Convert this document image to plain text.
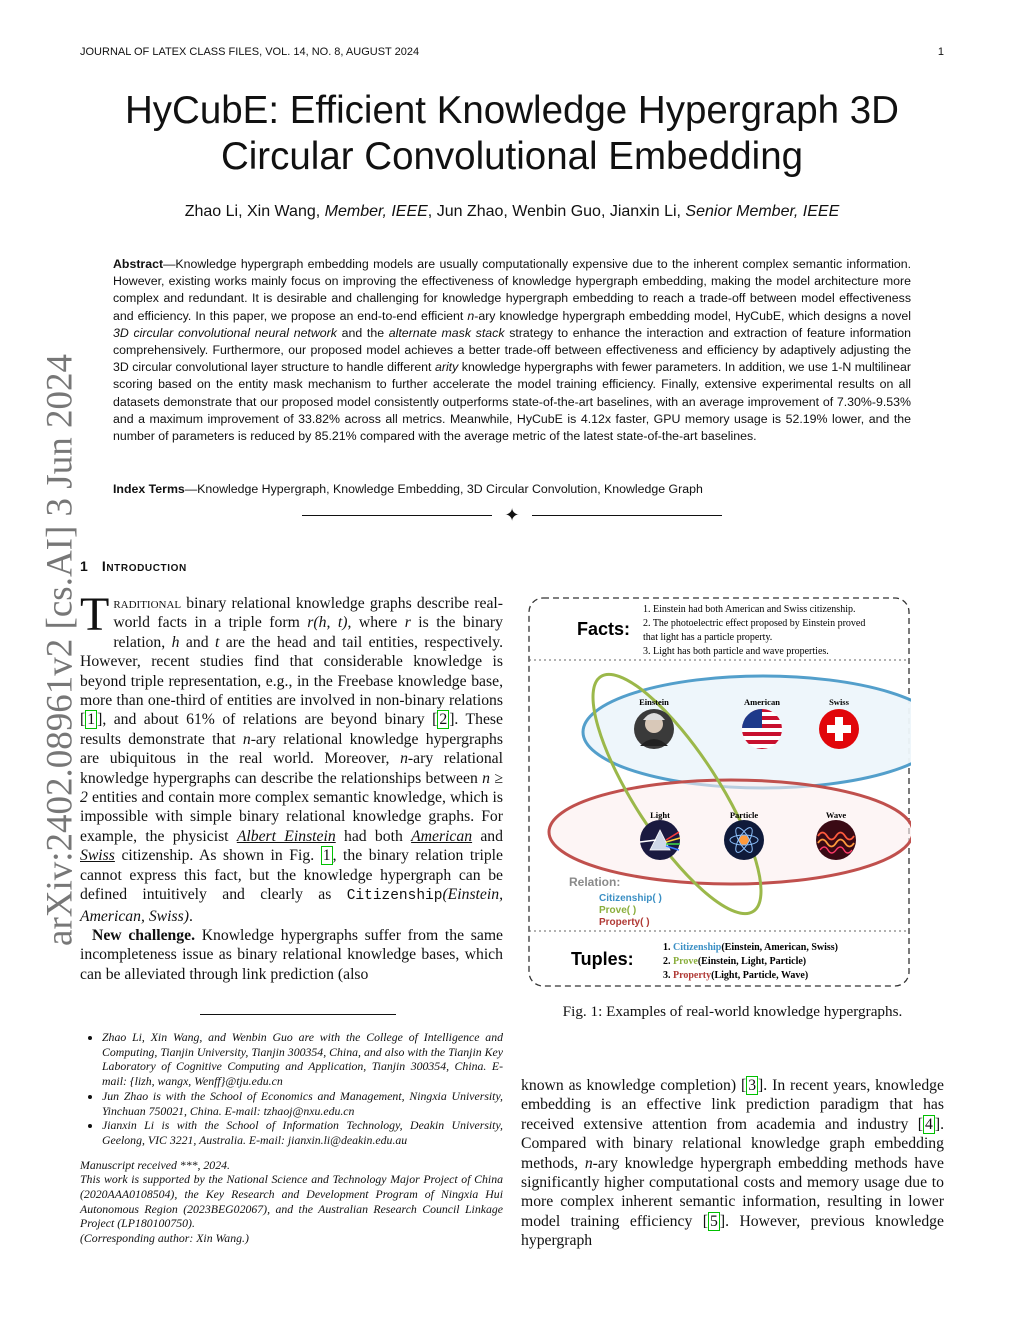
JOURNAL OF LATEX CLASS FILES, VOL. 14, NO. 8, AUGUST 2024	1
HyCubE: Efficient Knowledge Hypergraph 3D
Circular Convolutional Embedding
Zhao Li, Xin Wang, Member, IEEE, Jun Zhao, Wenbin Guo, Jianxin Li, Senior Member, IEEE
Abstract—Knowledge hypergraph embedding models are usually computationally expensive due to the inherent complex semantic information. However, existing works mainly focus on improving the effectiveness of knowledge hypergraph embedding, making the model architecture more complex and redundant. It is desirable and challenging for knowledge hypergraph embedding to reach a trade-off between model effectiveness and efficiency. In this paper, we propose an end-to-end efficient n-ary knowledge hypergraph embedding model, HyCubE, which designs a novel 3D circular convolutional neural network and the alternate mask stack strategy to enhance the interaction and extraction of feature information comprehensively. Furthermore, our proposed model achieves a better trade-off between effectiveness and efficiency by adaptively adjusting the 3D circular convolutional layer structure to handle different arity knowledge hypergraphs with fewer parameters. In addition, we use 1-N multilinear scoring based on the entity mask mechanism to further accelerate the model training efficiency. Finally, extensive experimental results on all datasets demonstrate that our proposed model consistently outperforms state-of-the-art baselines, with an average improvement of 7.30%-9.53% and a maximum improvement of 33.82% across all metrics. Meanwhile, HyCubE is 4.12x faster, GPU memory usage is 52.19% lower, and the number of parameters is reduced by 85.21% compared with the average metric of the latest state-of-the-art baselines.
Index Terms—Knowledge Hypergraph, Knowledge Embedding, 3D Circular Convolution, Knowledge Graph
✦
1 Introduction
arXiv:2402.08961v2 [cs.AI] 3 Jun 2024 Traditional binary relational knowledge graphs describe real-world facts in a triple form r(h, t), where r is the binary relation, h and t are the head and tail entities, respectively. However, recent studies find that considerable knowledge is beyond triple representation, e.g., in the Freebase knowledge base, more than one-third of entities are involved in non-binary relations [ 1 ], and about 61% of relations are beyond binary [ 2 ]. These results demonstrate that n-ary relational knowledge hypergraphs are ubiquitous in the real world. Moreover, n-ary relational knowledge hypergraphs can describe the relationships between n ≥ 2 entities and contain more complex semantic knowledge, which is impossible with simple binary relational knowledge graphs. For example, the physicist Albert Einstein had both American and Swiss citizenship. As shown in Fig. 1 , the binary relation triple cannot express this fact, but the knowledge hypergraph can be defined intuitively and clearly as Citizenship(Einstein, American, Swiss).

New challenge. Knowledge hypergraphs suffer from the same incompleteness issue as binary relational knowledge bases, which can be alleviated through link prediction (also

• Zhao Li, Xin Wang, and Wenbin Guo are with the College of Intelligence and Computing, Tianjin University, Tianjin 300354, China, and also with the Tianjin Key Laboratory of Cognitive Computing and Application, Tianjin 300354, China. E-mail: {lizh, wangx, Wenff}@tju.edu.cn
• Jun Zhao is with the School of Economics and Management, Ningxia University, Yinchuan 750021, China. E-mail: tzhaoj@nxu.edu.cn
• Jianxin Li is with the School of Information Technology, Deakin University, Geelong, VIC 3221, Australia. E-mail: jianxin.li@deakin.edu.au
Manuscript received ***, 2024.
This work is supported by the National Science and Technology Major Project of China (2020AAA0108504), the Key Research and Development Program of Ningxia Hui Autonomous Region (2023BEG02067), and the Australian Research Council Linkage Project (LP180100750).
(Corresponding author: Xin Wang.)
known as knowledge completion) [ 3 ]. In recent years, knowledge embedding is an effective link prediction paradigm that has received extensive attention from academia and industry [ 4 ]. Compared with binary relational knowledge graph embedding methods, n-ary knowledge hypergraph embedding methods have significantly higher computational costs and memory usage due to more complex inherent semantic information, resulting in lower model training efficiency [ 5 ]. However, previous knowledge hypergraph
Facts:
1. Einstein had both American and Swiss citizenship.
2. The photoelectric effect proposed by Einstein proved
that light has a particle property.
3. Light has both particle and wave properties.
Einstein	American	Swiss
Light	Particle	Wave
Relation:
Citizenship( )
Prove( )
Property( )
Tuples:
1. Citizenship(Einstein, American, Swiss)
2. Prove(Einstein, Light, Particle)
3. Property(Light, Particle, Wave)
Fig. 1: Examples of real-world knowledge hypergraphs.
